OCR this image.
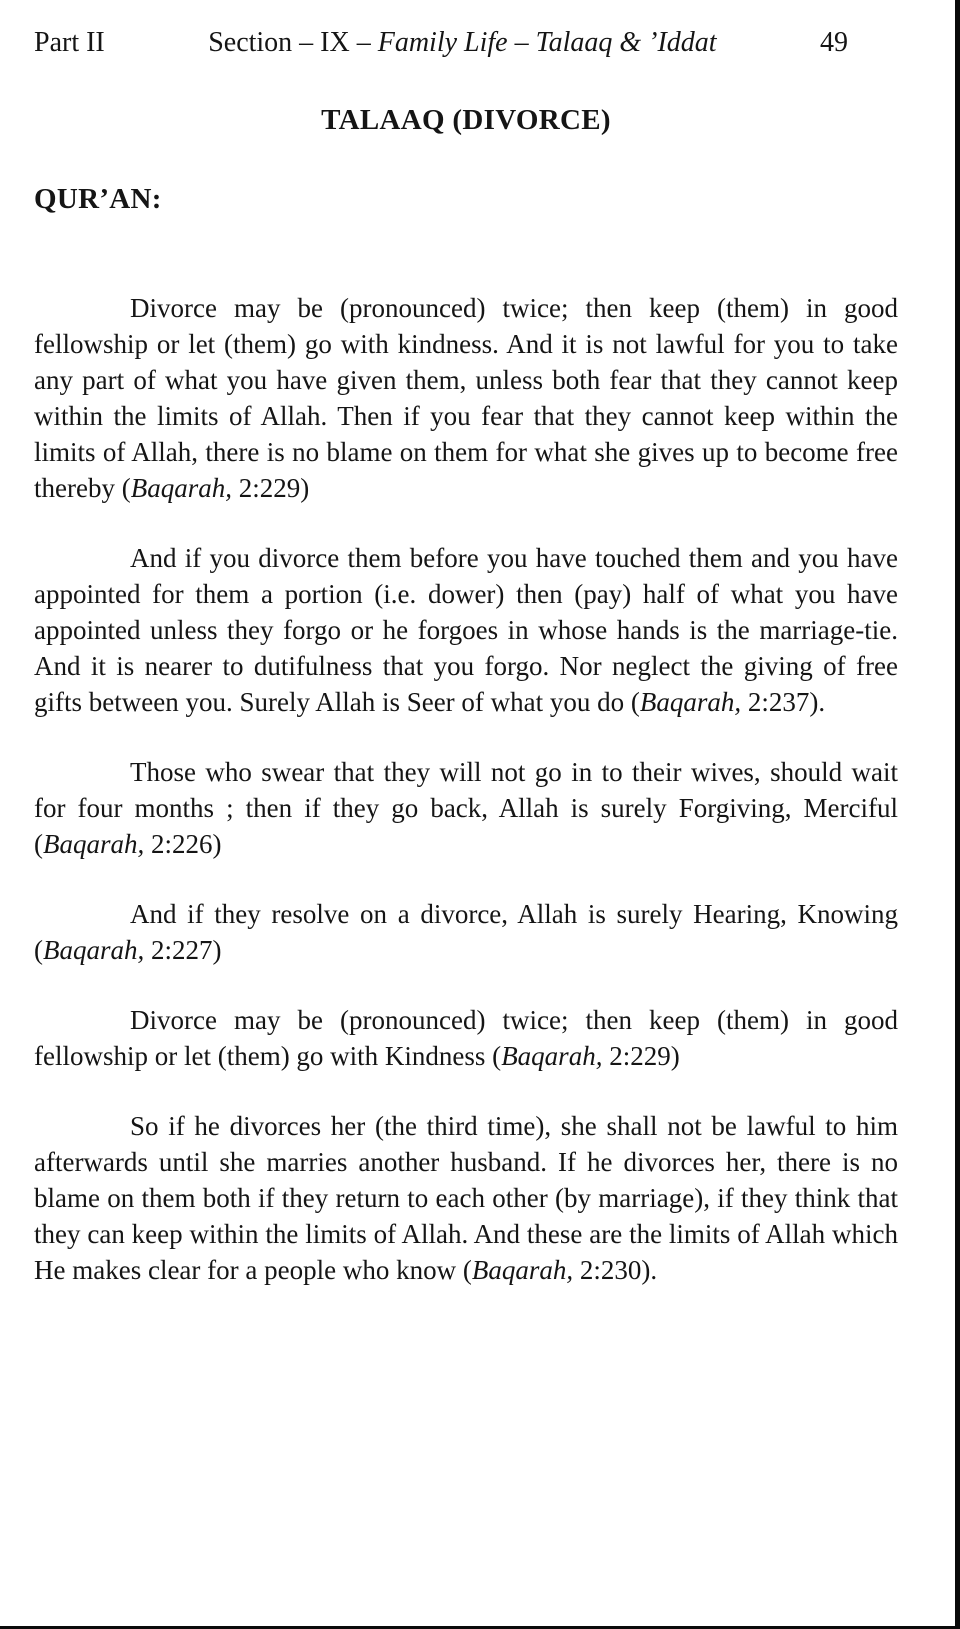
Part II	Section – IX – Family Life – Talaaq & ’Iddat	49
TALAAQ (DIVORCE)
QUR’AN:

Divorce may be (pronounced) twice; then keep (them) in good fellowship or let (them) go with kindness. And it is not lawful for you to take any part of what you have given them, unless both fear that they cannot keep within the limits of Allah. Then if you fear that they cannot keep within the limits of Allah, there is no blame on them for what she gives up to become free thereby (Baqarah, 2:229)

And if you divorce them before you have touched them and you have appointed for them a portion (i.e. dower) then (pay) half of what you have appointed unless they forgo or he forgoes in whose hands is the marriage-tie. And it is nearer to dutifulness that you forgo. Nor neglect the giving of free gifts between you. Surely Allah is Seer of what you do (Baqarah, 2:237).

Those who swear that they will not go in to their wives, should wait for four months ; then if they go back, Allah is surely Forgiving, Merciful (Baqarah, 2:226)

And if they resolve on a divorce, Allah is surely Hearing, Knowing (Baqarah, 2:227)

Divorce may be (pronounced) twice; then keep (them) in good fellowship or let (them) go with Kindness (Baqarah, 2:229)

So if he divorces her (the third time), she shall not be lawful to him afterwards until she marries another husband. If he divorces her, there is no blame on them both if they return to each other (by marriage), if they think that they can keep within the limits of Allah. And these are the limits of Allah which He makes clear for a people who know (Baqarah, 2:230).
